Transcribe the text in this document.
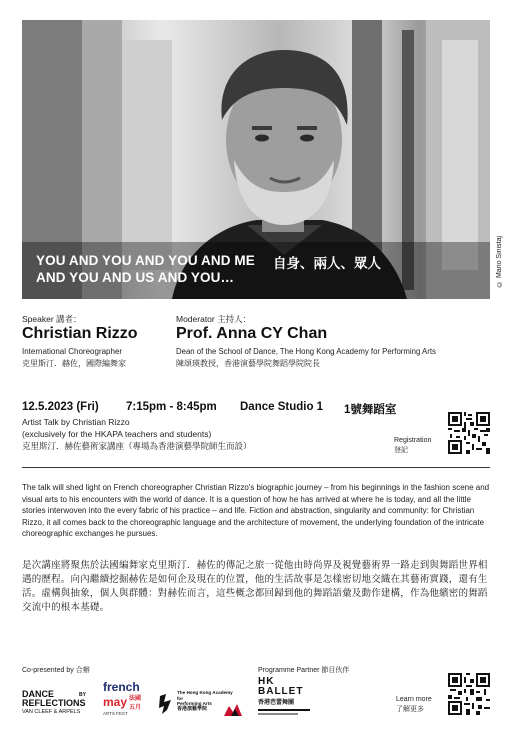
YOU AND YOU AND YOU AND ME
AND YOU AND US AND YOU…
自身、兩人、眾人	© Mario Sinistaj
Speaker 講者：
Christian Rizzo
International Choreographer
克里斯汀．赫佐，國際編舞家
Moderator 主持人：
Prof. Anna CY Chan
Dean of the School of Dance, The Hong Kong Academy for Performing Arts
陳頌瑛教授，香港演藝學院舞蹈學院院長
12.5.2023 (Fri) 7:15pm - 8:45pm Dance Studio 1 1號舞蹈室
Artist Talk by Christian Rizzo
(exclusively for the HKAPA teachers and students)
克里斯汀．赫佐藝術家講座（專場為香港演藝學院師生而設）
Registration
登記
The talk will shed light on French choreographer Christian Rizzo's biographic journey – from his beginnings in the fashion scene and visual arts to his encounters with the world of dance. It is a question of how he has arrived at where he is today, and all the little stories interwoven into the every fabric of his practice – and life. Fiction and abstraction, singularity and community: for Christian Rizzo, it all comes back to the choreographic language and the architecture of movement, the underlying foundation of the intricate choreographic exchanges he pursues.
是次講座將聚焦於法國編舞家克里斯汀．赫佐的傳記之旅一從他由時尚界及視覺藝術界一路走到與舞蹈世界相遇的歷程。向內繼續挖掘赫佐是如何企及現在的位置，他的生活故事是怎樣密切地交織在其藝術實踐，還有生活。虛構與抽象，個人與群體：對赫佐而言，這些概念都回歸到他的舞蹈語彙及動作建構，作為他繽密的舞蹈交流中的根本基礎。
Co-presented by 合辦	Programme Partner 節目伙伴
DANCE
REFLECTIONS
BY
VAN CLEEF & ARPELS
french
may 法國五月
ARTS FEST
The Hong Kong Academy
for
Performing Arts
香港演藝學院
HK
BALLET
香港芭蕾舞團	Learn more
了解更多
